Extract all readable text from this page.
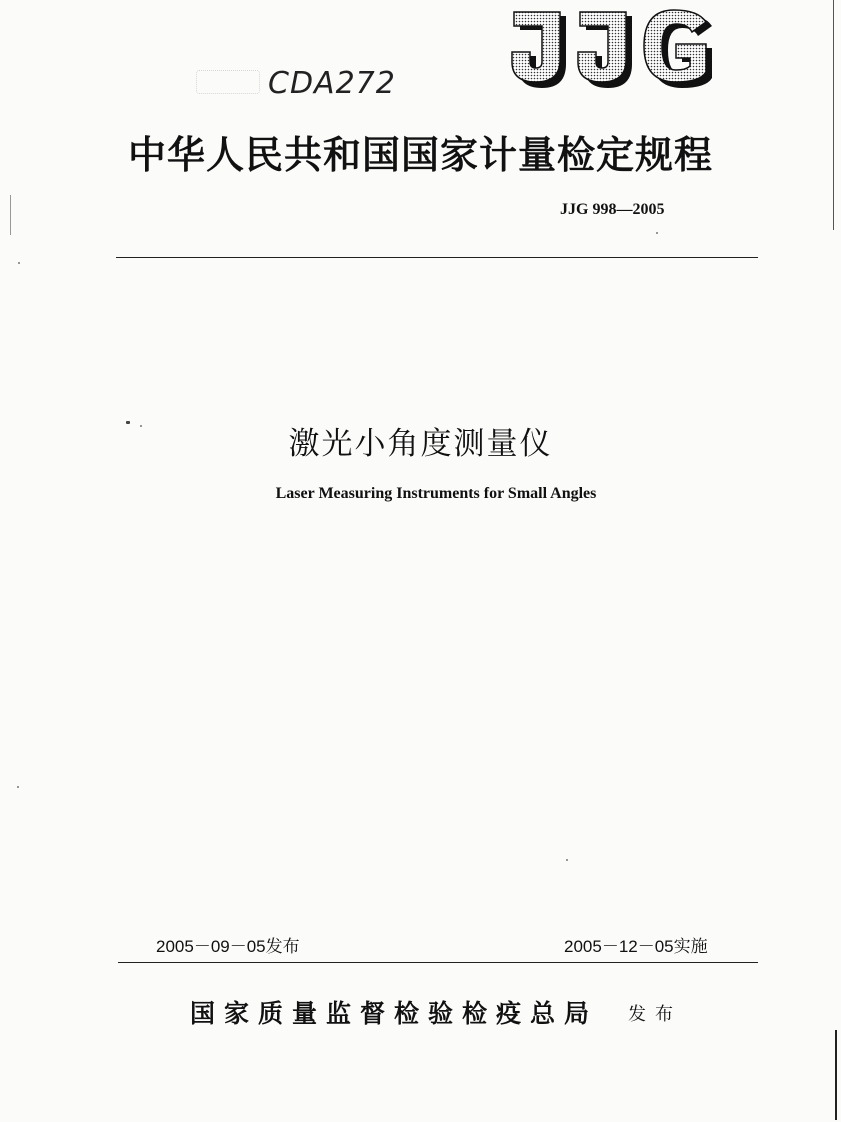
CDA272
中华人民共和国国家计量检定规程
JJG 998—2005
激光小角度测量仪
Laser Measuring Instruments for Small Angles
2005－09－05发布	2005－12－05实施
国家质量监督检验检疫总局 发布
